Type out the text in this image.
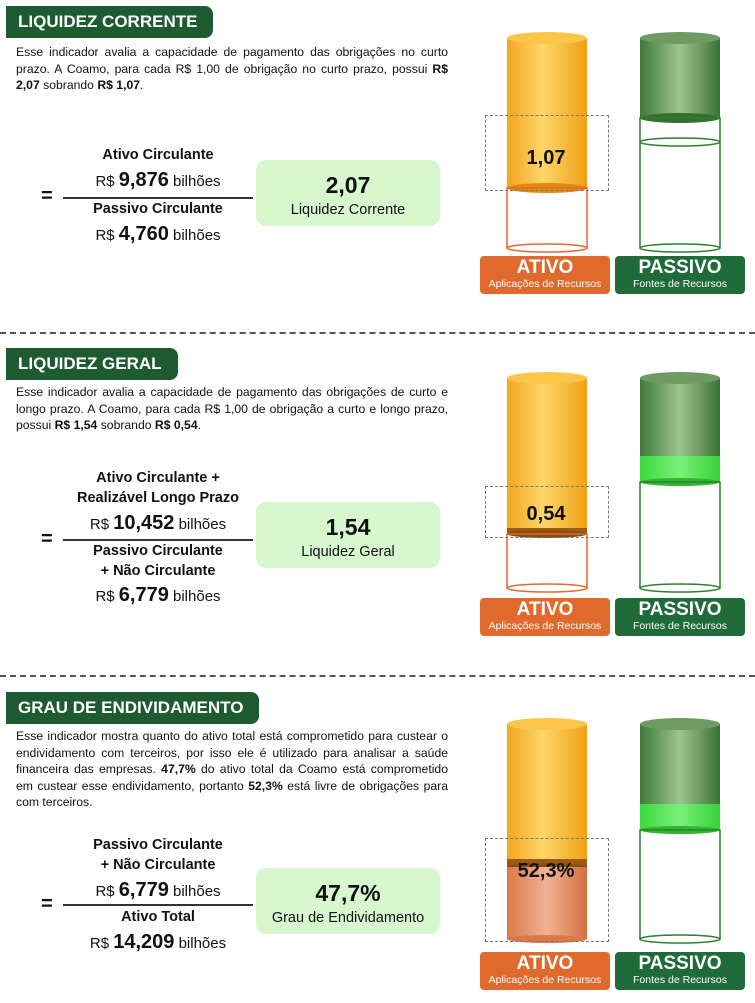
LIQUIDEZ CORRENTE
Esse indicador avalia a capacidade de pagamento das obrigações no curto prazo. A Coamo, para cada R$ 1,00 de obrigação no curto prazo, possui R$ 2,07 sobrando R$ 1,07.
Ativo Circulante
R$ 9,876 bilhões
=
Passivo Circulante
R$ 4,760 bilhões
2,07
Liquidez Corrente
1,07
ATIVO
Aplicações de Recursos
PASSIVO
Fontes de Recursos
LIQUIDEZ GERAL
Esse indicador avalia a capacidade de pagamento das obrigações de curto e longo prazo. A Coamo, para cada R$ 1,00 de obrigação a curto e longo prazo, possui R$ 1,54 sobrando R$ 0,54.
Ativo Circulante +
Realizável Longo Prazo
R$ 10,452 bilhões
=
Passivo Circulante
+ Não Circulante
R$ 6,779 bilhões
1,54
Liquidez Geral
0,54
ATIVO
Aplicações de Recursos
PASSIVO
Fontes de Recursos
GRAU DE ENDIVIDAMENTO
Esse indicador mostra quanto do ativo total está comprometido para custear o endividamento com terceiros, por isso ele é utilizado para analisar a saúde financeira das empresas. 47,7% do ativo total da Coamo está comprometido em custear esse endividamento, portanto 52,3% está livre de obrigações para com terceiros.
Passivo Circulante
+ Não Circulante
R$ 6,779 bilhões
=
Ativo Total
R$ 14,209 bilhões
47,7%
Grau de Endividamento
52,3%
ATIVO
Aplicações de Recursos
PASSIVO
Fontes de Recursos
